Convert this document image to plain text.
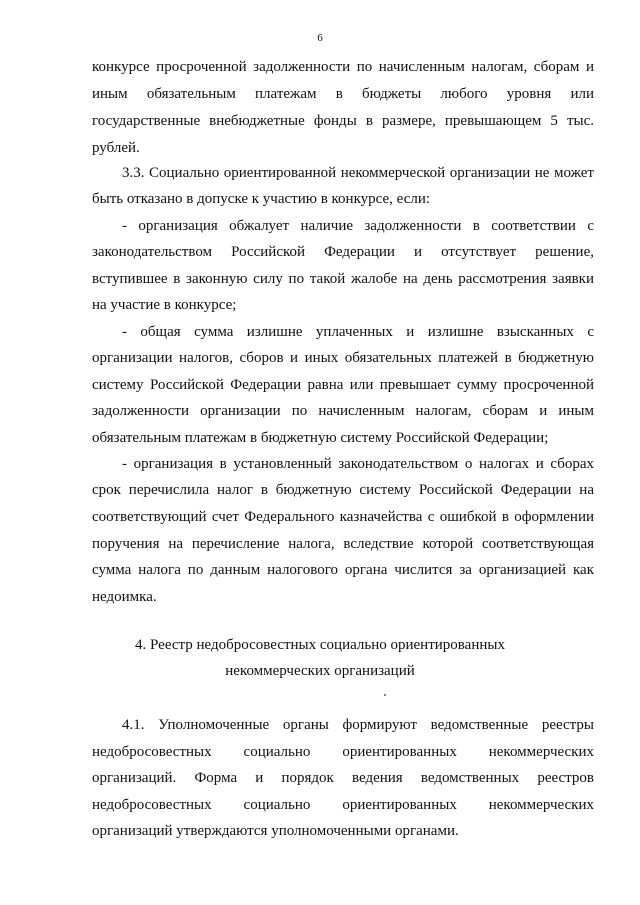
6
конкурсе просроченной задолженности по начисленным налогам, сборам и
иным обязательным платежам в бюджеты любого уровня или
государственные внебюджетные фонды в размере, превышающем 5 тыс.
рублей.
3.3. Социально ориентированной некоммерческой организации не может
быть отказано в допуске к участию в конкурсе, если:
- организация обжалует наличие задолженности в соответствии с
законодательством Российской Федерации и отсутствует решение,
вступившее в законную силу по такой жалобе на день рассмотрения заявки
на участие в конкурсе;
- общая сумма излишне уплаченных и излишне взысканных с
организации налогов, сборов и иных обязательных платежей в бюджетную
систему Российской Федерации равна или превышает сумму просроченной
задолженности организации по начисленным налогам, сборам и иным
обязательным платежам в бюджетную систему Российской Федерации;
- организация в установленный законодательством о налогах и сборах
срок перечислила налог в бюджетную систему Российской Федерации на
соответствующий счет Федерального казначейства с ошибкой в оформлении
поручения на перечисление налога, вследствие которой соответствующая
сумма налога по данным налогового органа числится за организацией как
недоимка.
4. Реестр недобросовестных социально ориентированных
некоммерческих организаций
4.1. Уполномоченные органы формируют ведомственные реестры
недобросовестных социально ориентированных некоммерческих
организаций. Форма и порядок ведения ведомственных реестров
недобросовестных социально ориентированных некоммерческих
организаций утверждаются уполномоченными органами.
